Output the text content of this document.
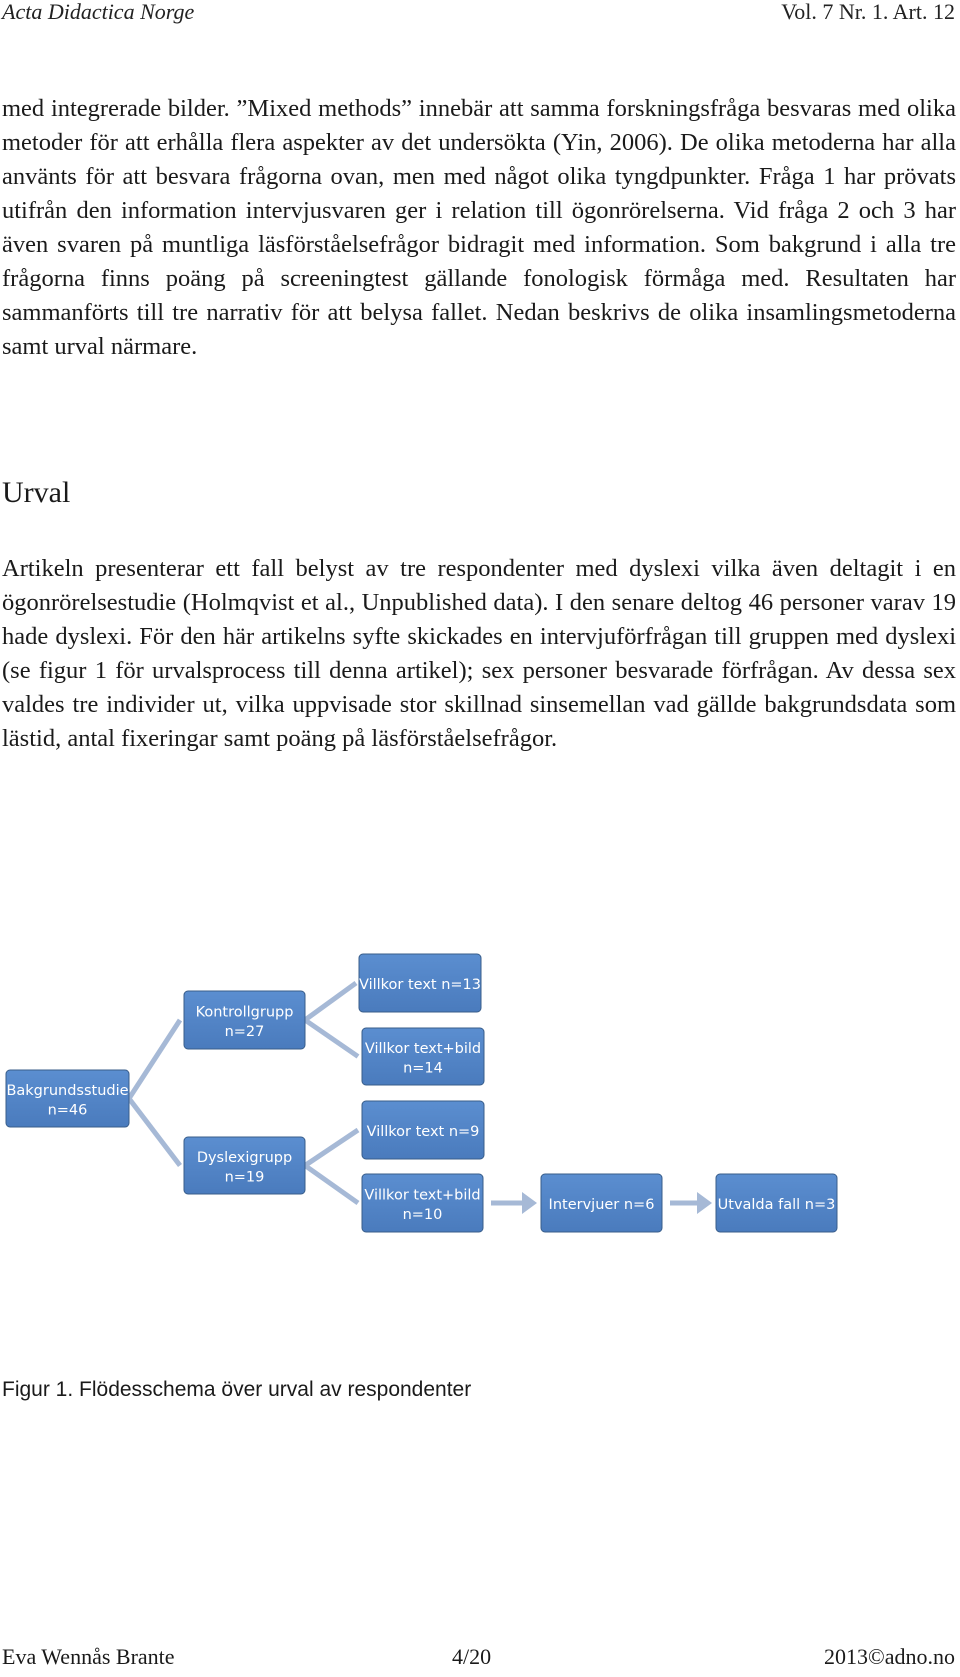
Acta Didactica Norge	Vol. 7 Nr. 1. Art. 12

med integrerade bilder. ”Mixed methods” innebär att samma forskningsfråga besvaras med olika metoder för att erhålla flera aspekter av det undersökta (Yin, 2006). De olika metoderna har alla använts för att besvara frågorna ovan, men med något olika tyngdpunkter. Fråga 1 har prövats utifrån den information intervjusvaren ger i relation till ögonrörelserna. Vid fråga 2 och 3 har även svaren på muntliga läsförståelsefrågor bidragit med information. Som bakgrund i alla tre frågorna finns poäng på screeningtest gällande fonologisk förmåga med. Resultaten har sammanförts till tre narrativ för att belysa fallet. Nedan beskrivs de olika insamlingsmetoderna samt urval närmare.

Urval

Artikeln presenterar ett fall belyst av tre respondenter med dyslexi vilka även deltagit i en ögonrörelsestudie (Holmqvist et al., Unpublished data). I den senare deltog 46 personer varav 19 hade dyslexi. För den här artikelns syfte skickades en intervjuförfrågan till gruppen med dyslexi (se figur 1 för urvalsprocess till denna artikel); sex personer besvarade förfrågan. Av dessa sex valdes tre individer ut, vilka uppvisade stor skillnad sinsemellan vad gällde bakgrundsdata som lästid, antal fixeringar samt poäng på läsförståelsefrågor.

Bakgrundsstudie
n=46
Kontrollgrupp
n=27
Dyslexigrupp
n=19
Villkor text n=13
Villkor text+bild
n=14
Villkor text n=9
Villkor text+bild
n=10
Intervjuer n=6	Utvalda fall n=3
Figur 1. Flödesschema över urval av respondenter
Eva Wennås Brante	4/20	2013©adno.no
